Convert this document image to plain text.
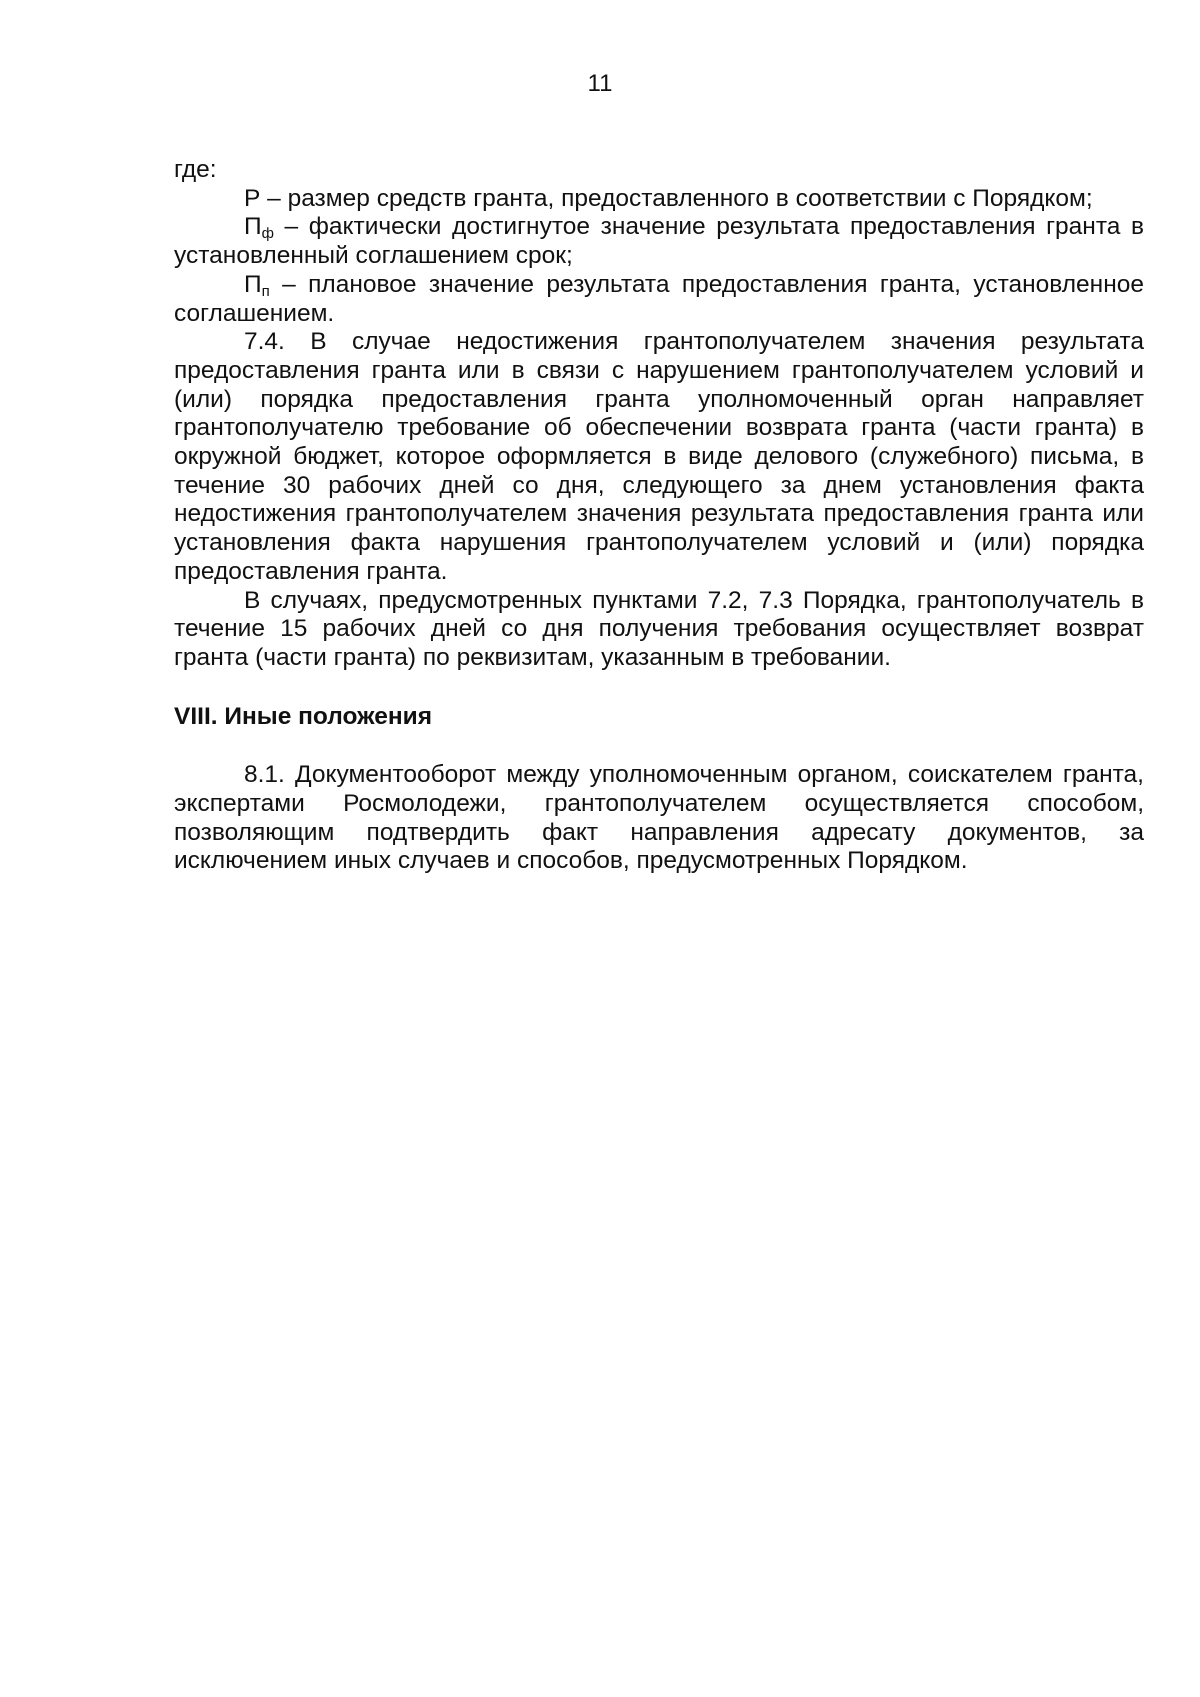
11

где:

Р – размер средств гранта, предоставленного в соответствии с Порядком;

$П_ф$ – фактически достигнутое значение результата предоставления гранта в установленный соглашением срок;

$П_п$ – плановое значение результата предоставления гранта, установленное соглашением.

7.4. В случае недостижения грантополучателем значения результата предоставления гранта или в связи с нарушением грантополучателем условий и (или) порядка предоставления гранта уполномоченный орган направляет грантополучателю требование об обеспечении возврата гранта (части гранта) в окружной бюджет, которое оформляется в виде делового (служебного) письма, в течение 30 рабочих дней со дня, следующего за днем установления факта недостижения грантополучателем значения результата предоставления гранта или установления факта нарушения грантополучателем условий и (или) порядка предоставления гранта.

В случаях, предусмотренных пунктами 7.2, 7.3 Порядка, грантополучатель в течение 15 рабочих дней со дня получения требования осуществляет возврат гранта (части гранта) по реквизитам, указанным в требовании.

VIII. Иные положения

8.1. Документооборот между уполномоченным органом, соискателем гранта, экспертами Росмолодежи, грантополучателем осуществляется способом, позволяющим подтвердить факт направления адресату документов, за исключением иных случаев и способов, предусмотренных Порядком.
